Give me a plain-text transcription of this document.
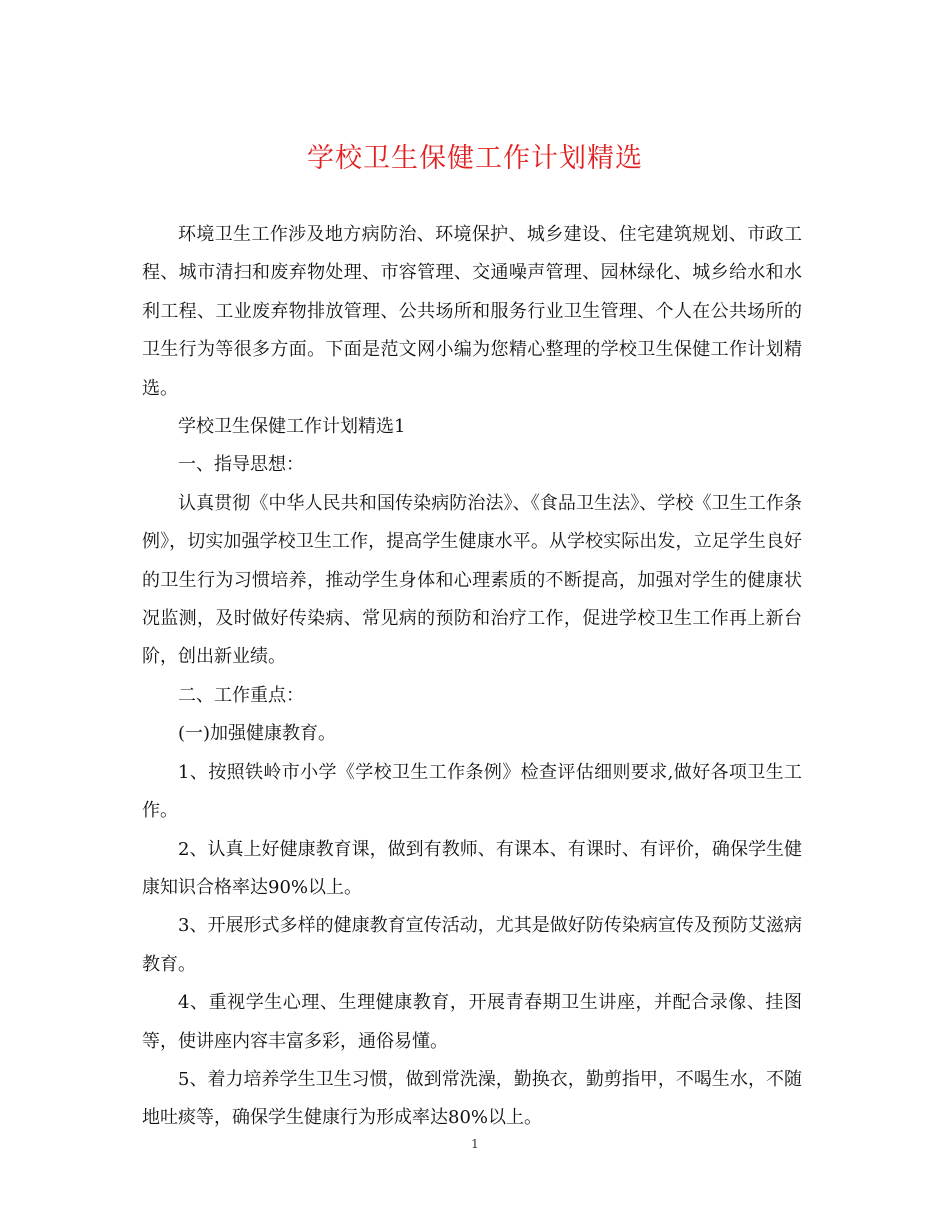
学校卫生保健工作计划精选

环境卫生工作涉及地方病防治、环境保护、城乡建设、住宅建筑规划、市政工程、城市清扫和废弃物处理、市容管理、交通噪声管理、园林绿化、城乡给水和水利工程、工业废弃物排放管理、公共场所和服务行业卫生管理、个人在公共场所的卫生行为等很多方面。下面是范文网小编为您精心整理的学校卫生保健工作计划精选。

学校卫生保健工作计划精选1

一、指导思想：

认真贯彻《中华人民共和国传染病防治法》、《食品卫生法》、学校《卫生工作条例》，切实加强学校卫生工作，提高学生健康水平。从学校实际出发，立足学生良好的卫生行为习惯培养，推动学生身体和心理素质的不断提高，加强对学生的健康状况监测，及时做好传染病、常见病的预防和治疗工作，促进学校卫生工作再上新台阶，创出新业绩。

二、工作重点：

(一)加强健康教育。

1、按照铁岭市小学《学校卫生工作条例》检查评估细则要求,做好各项卫生工作。

2、认真上好健康教育课，做到有教师、有课本、有课时、有评价，确保学生健康知识合格率达90%以上。

3、开展形式多样的健康教育宣传活动，尤其是做好防传染病宣传及预防艾滋病教育。

4、重视学生心理、生理健康教育，开展青春期卫生讲座，并配合录像、挂图等，使讲座内容丰富多彩，通俗易懂。

5、着力培养学生卫生习惯，做到常洗澡，勤换衣，勤剪指甲，不喝生水，不随地吐痰等，确保学生健康行为形成率达80%以上。

1
